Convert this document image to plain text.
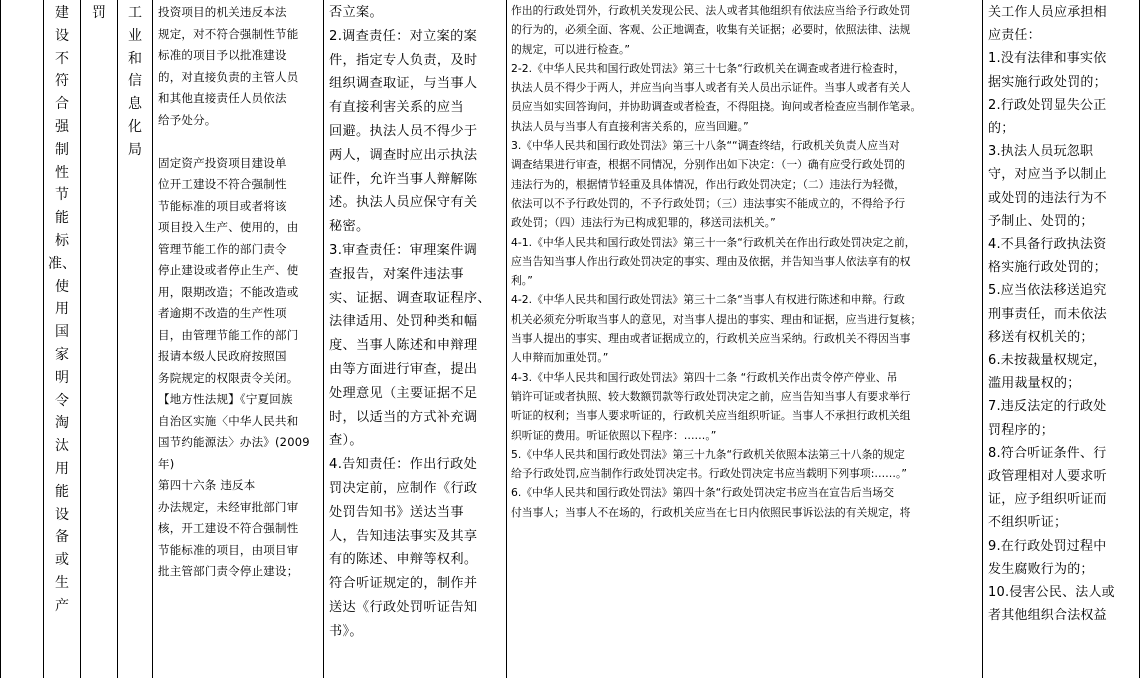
建
设
不
符
合
强
制
性
节
能
标
准、
使
用
国
家
明
令
淘
汰
用
能
设
备
或
生
产
罚	工
业
和
信
息
化
局
投资项目的机关违反本法
规定，对不符合强制性节能
标准的项目予以批准建设
的，对直接负责的主管人员
和其他直接责任人员依法
给予处分。

固定资产投资项目建设单
位开工建设不符合强制性
节能标准的项目或者将该
项目投入生产、使用的，由
管理节能工作的部门责令
停止建设或者停止生产、使
用，限期改造；不能改造或
者逾期不改造的生产性项
目，由管理节能工作的部门
报请本级人民政府按照国
务院规定的权限责令关闭。
【地方性法规】《宁夏回族
自治区实施〈中华人民共和
国节约能源法〉办法》(2009
年)
第四十六条 违反本
办法规定，未经审批部门审
核，开工建设不符合强制性
节能标准的项目，由项目审
批主管部门责令停止建设；
否立案。
2.调查责任：对立案的案
件，指定专人负责，及时
组织调查取证，与当事人
有直接利害关系的应当
回避。执法人员不得少于
两人，调查时应出示执法
证件，允许当事人辩解陈
述。执法人员应保守有关
秘密。
3.审查责任：审理案件调
查报告，对案件违法事
实、证据、调查取证程序、
法律适用、处罚种类和幅
度、当事人陈述和申辩理
由等方面进行审查，提出
处理意见（主要证据不足
时，以适当的方式补充调
查）。
4.告知责任：作出行政处
罚决定前，应制作《行政
处罚告知书》送达当事
人，告知违法事实及其享
有的陈述、申辩等权利。
符合听证规定的，制作并
送达《行政处罚听证告知
书》。
作出的行政处罚外，行政机关发现公民、法人或者其他组织有依法应当给予行政处罚
的行为的，必须全面、客观、公正地调查，收集有关证据；必要时，依照法律、法规
的规定，可以进行检查。”
2-2.《中华人民共和国行政处罚法》第三十七条“行政机关在调查或者进行检查时，
执法人员不得少于两人，并应当向当事人或者有关人员出示证件。当事人或者有关人
员应当如实回答询问，并协助调查或者检查，不得阻挠。询问或者检查应当制作笔录。
执法人员与当事人有直接利害关系的，应当回避。”
3.《中华人民共和国行政处罚法》第三十八条““调查终结，行政机关负责人应当对
调查结果进行审查，根据不同情况，分别作出如下决定：（一）确有应受行政处罚的
违法行为的，根据情节轻重及具体情况，作出行政处罚决定；（二）违法行为轻微，
依法可以不予行政处罚的，不予行政处罚；（三）违法事实不能成立的，不得给予行
政处罚；（四）违法行为已构成犯罪的，移送司法机关。”
4-1.《中华人民共和国行政处罚法》第三十一条“行政机关在作出行政处罚决定之前，
应当告知当事人作出行政处罚决定的事实、理由及依据，并告知当事人依法享有的权
利。”
4-2.《中华人民共和国行政处罚法》第三十二条“当事人有权进行陈述和申辩。行政
机关必须充分听取当事人的意见，对当事人提出的事实、理由和证据，应当进行复核；
当事人提出的事实、理由或者证据成立的，行政机关应当采纳。行政机关不得因当事
人申辩而加重处罚。”
4-3.《中华人民共和国行政处罚法》第四十二条 “行政机关作出责令停产停业、吊
销许可证或者执照、较大数额罚款等行政处罚决定之前，应当告知当事人有要求举行
听证的权利；当事人要求听证的，行政机关应当组织听证。当事人不承担行政机关组
织听证的费用。听证依照以下程序：……。”
5.《中华人民共和国行政处罚法》第三十九条“行政机关依照本法第三十八条的规定
给予行政处罚,应当制作行政处罚决定书。行政处罚决定书应当载明下列事项:……。”
6.《中华人民共和国行政处罚法》第四十条“行政处罚决定书应当在宣告后当场交
付当事人；当事人不在场的，行政机关应当在七日内依照民事诉讼法的有关规定，将
关工作人员应承担相
应责任：
1.没有法律和事实依
据实施行政处罚的；
2.行政处罚显失公正
的；
3.执法人员玩忽职
守，对应当予以制止
或处罚的违法行为不
予制止、处罚的；
4.不具备行政执法资
格实施行政处罚的；
5.应当依法移送追究
刑事责任，而未依法
移送有权机关的；
6.未按裁量权规定，
滥用裁量权的；
7.违反法定的行政处
罚程序的；
8.符合听证条件、行
政管理相对人要求听
证，应予组织听证而
不组织听证；
9.在行政处罚过程中
发生腐败行为的；
10.侵害公民、法人或
者其他组织合法权益
